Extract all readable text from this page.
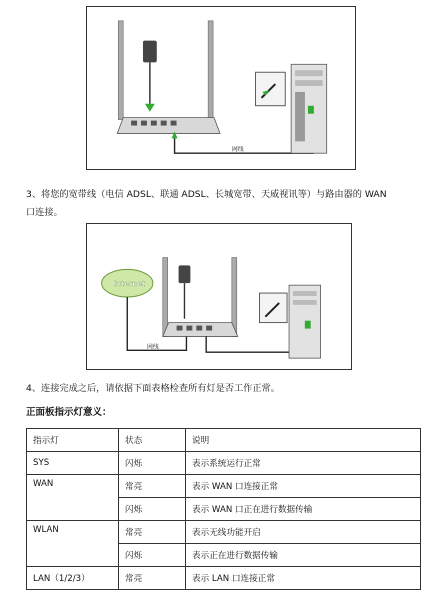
网线

3、将您的宽带线（电信 ADSL、联通 ADSL、长城宽带、天威视讯等）与路由器的 WAN

口连接。

Internet
网线

4、连接完成之后，请依据下面表格检查所有灯是否工作正常。

正面板指示灯意义：

指示灯	状态	说明
SYS	闪烁	表示系统运行正常
WAN	常亮	表示 WAN 口连接正常
	闪烁	表示 WAN 口正在进行数据传输
WLAN	常亮	表示无线功能开启
	闪烁	表示正在进行数据传输
LAN（1/2/3）	常亮	表示 LAN 口连接正常
